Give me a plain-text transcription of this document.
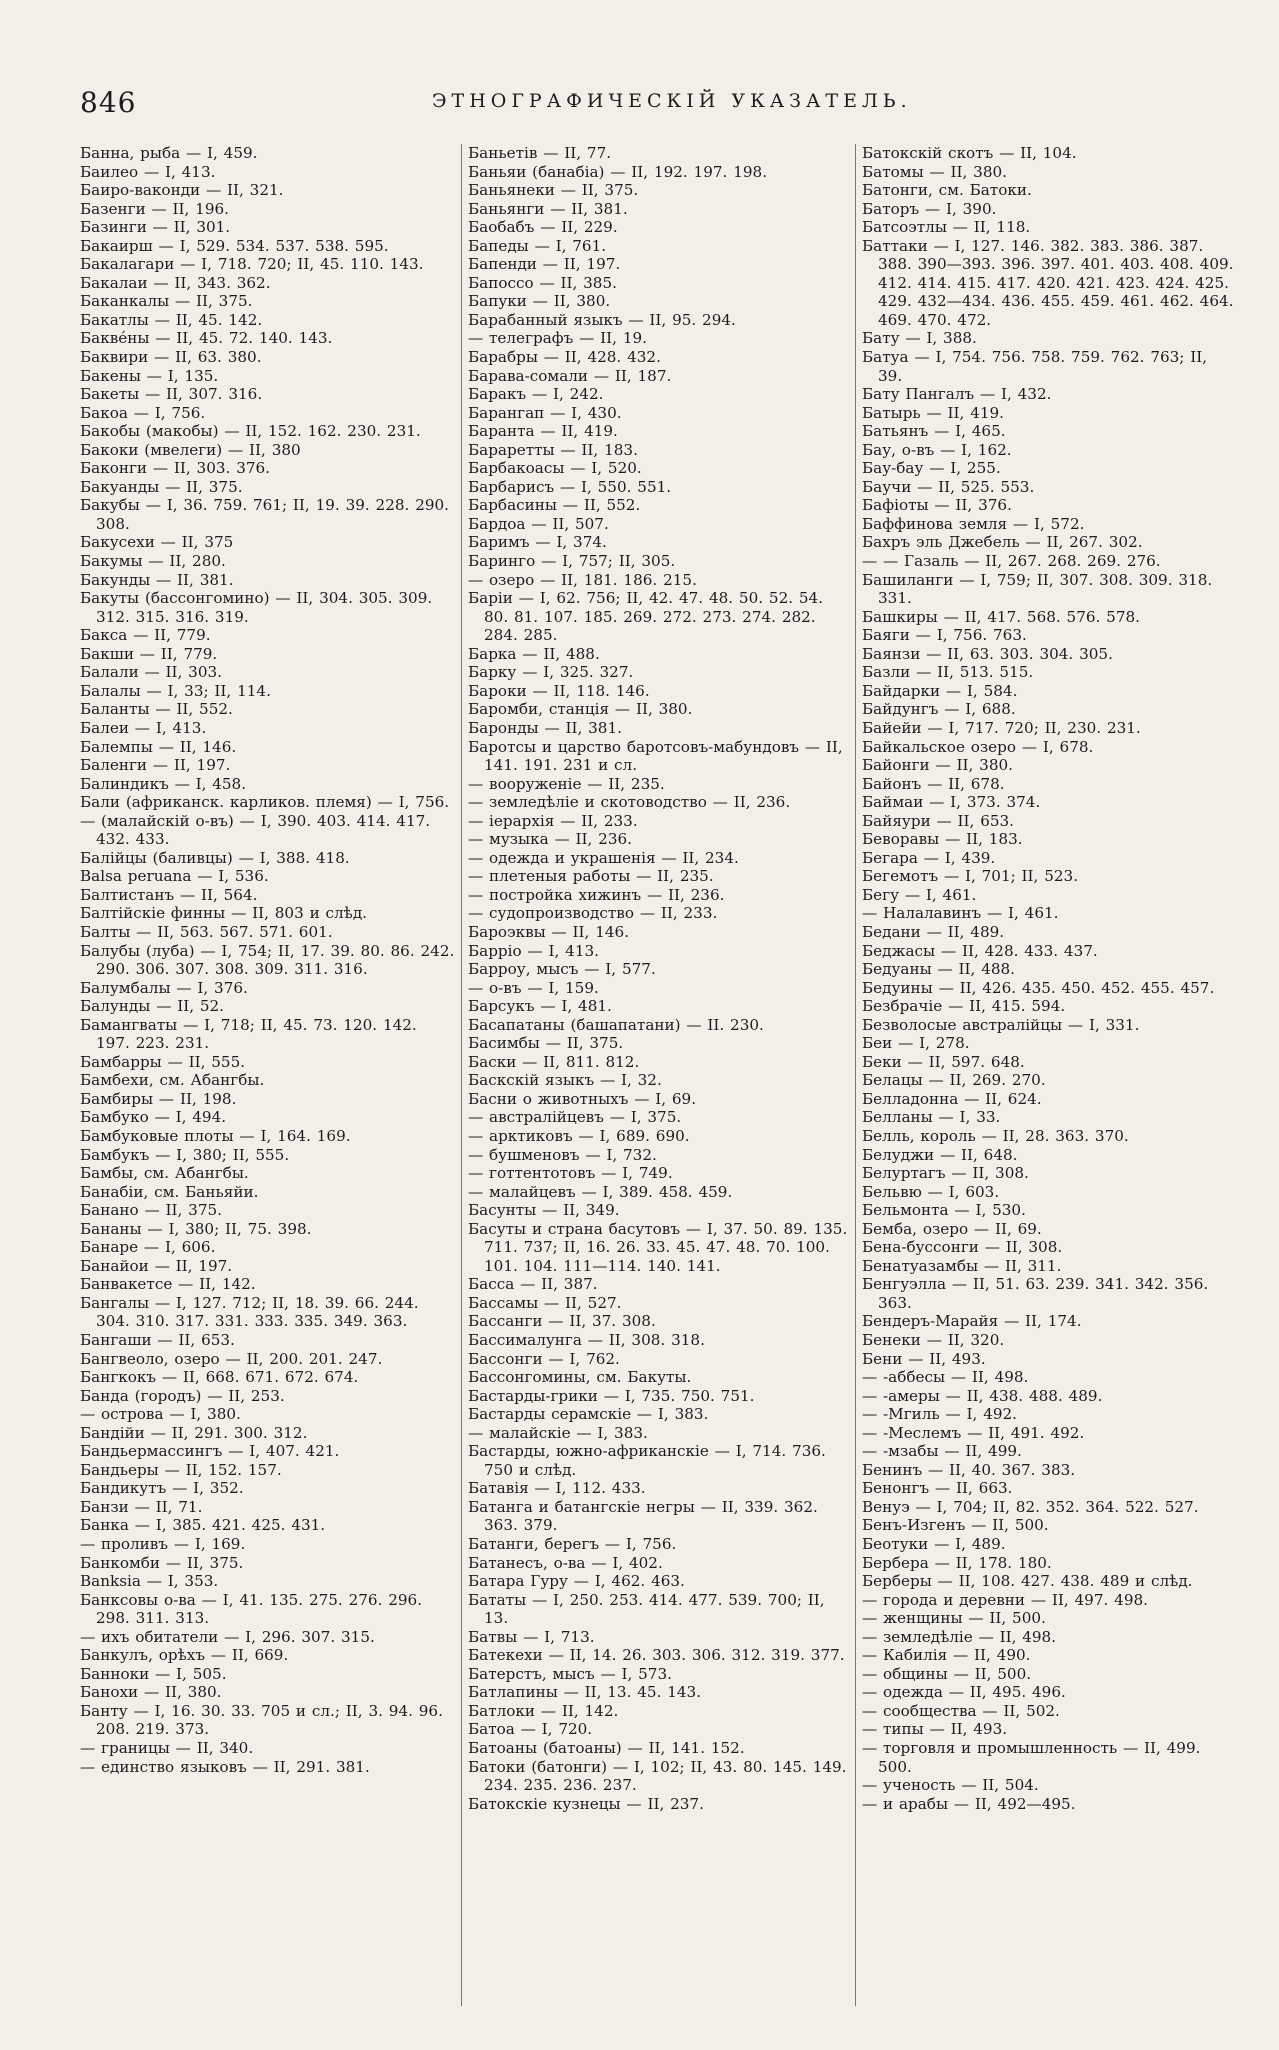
846	ЭТНОГРАФИЧЕСКІЙ УКАЗАТЕЛЬ.
Банна, рыба — I, 459.
Баилео — I, 413.
Баиро-ваконди — II, 321.
Базенги — II, 196.
Базинги — II, 301.
Бакаирш — I, 529. 534. 537. 538. 595.
Бакалагари — I, 718. 720; II, 45. 110. 143.
Бакалаи — II, 343. 362.
Баканкалы — II, 375.
Бакатлы — II, 45. 142.
Бакве́ны — II, 45. 72. 140. 143.
Баквири — II, 63. 380.
Бакены — I, 135.
Бакеты — II, 307. 316.
Бакоа — I, 756.
Бакобы (макобы) — II, 152. 162. 230. 231.
Бакоки (мвелеги) — II, 380
Баконги — II, 303. 376.
Бакуанды — II, 375.
Бакубы — I, 36. 759. 761; II, 19. 39. 228. 290. 308.
Бакусехи — II, 375
Бакумы — II, 280.
Бакунды — II, 381.
Бакуты (бассонгомино) — II, 304. 305. 309. 312. 315. 316. 319.
Бакса — II, 779.
Бакши — II, 779.
Балали — II, 303.
Балалы — I, 33; II, 114.
Баланты — II, 552.
Балеи — I, 413.
Балемпы — II, 146.
Баленги — II, 197.
Балиндикъ — I, 458.
Бали (африканск. карликов. племя) — I, 756.
— (малайскій о-въ) — I, 390. 403. 414. 417. 432. 433.
Балійцы (баливцы) — I, 388. 418.
Balsa peruana — I, 536.
Балтистанъ — II, 564.
Балтійскіе финны — II, 803 и слѣд.
Балты — II, 563. 567. 571. 601.
Балубы (луба) — I, 754; II, 17. 39. 80. 86. 242. 290. 306. 307. 308. 309. 311. 316.
Балумбалы — I, 376.
Балунды — II, 52.
Бамангваты — I, 718; II, 45. 73. 120. 142. 197. 223. 231.
Бамбарры — II, 555.
Бамбехи, см. Абангбы.
Бамбиры — II, 198.
Бамбуко — I, 494.
Бамбуковые плоты — I, 164. 169.
Бамбукъ — I, 380; II, 555.
Бамбы, см. Абангбы.
Банабіи, см. Баньяйи.
Банано — II, 375.
Бананы — I, 380; II, 75. 398.
Банаре — I, 606.
Банайои — II, 197.
Банвакетсе — II, 142.
Бангалы — I, 127. 712; II, 18. 39. 66. 244. 304. 310. 317. 331. 333. 335. 349. 363.
Бангаши — II, 653.
Бангвеоло, озеро — II, 200. 201. 247.
Бангкокъ — II, 668. 671. 672. 674.
Банда (городъ) — II, 253.
— острова — I, 380.
Бандійи — II, 291. 300. 312.
Бандьермассингъ — I, 407. 421.
Бандьеры — II, 152. 157.
Бандикутъ — I, 352.
Банзи — II, 71.
Банка — I, 385. 421. 425. 431.
— проливъ — I, 169.
Банкомби — II, 375.
Banksia — I, 353.
Банксовы о-ва — I, 41. 135. 275. 276. 296. 298. 311. 313.
— ихъ обитатели — I, 296. 307. 315.
Банкулъ, орѣхъ — II, 669.
Банноки — I, 505.
Банохи — II, 380.
Банту — I, 16. 30. 33. 705 и сл.; II, 3. 94. 96. 208. 219. 373.
— границы — II, 340.
— единство языковъ — II, 291. 381.
Баньетів — II, 77.
Баньяи (банабіа) — II, 192. 197. 198.
Баньянеки — II, 375.
Баньянги — II, 381.
Баобабъ — II, 229.
Бапеды — I, 761.
Бапенди — II, 197.
Бапоссо — II, 385.
Бапуки — II, 380.
Барабанный языкъ — II, 95. 294.
— телеграфъ — II, 19.
Барабры — II, 428. 432.
Барава-сомали — II, 187.
Баракъ — I, 242.
Барангап — I, 430.
Баранта — II, 419.
Бараретты — II, 183.
Барбакоасы — I, 520.
Барбарисъ — I, 550. 551.
Барбасины — II, 552.
Бардоа — II, 507.
Баримъ — I, 374.
Баринго — I, 757; II, 305.
— озеро — II, 181. 186. 215.
Барiи — I, 62. 756; II, 42. 47. 48. 50. 52. 54. 80. 81. 107. 185. 269. 272. 273. 274. 282. 284. 285.
Барка — II, 488.
Барку — I, 325. 327.
Бароки — II, 118. 146.
Баромби, станція — II, 380.
Баронды — II, 381.
Баротсы и царство баротсовъ-мабундовъ — II, 141. 191. 231 и сл.
— вооруженіе — II, 235.
— земледѣліе и скотоводство — II, 236.
— іерархія — II, 233.
— музыка — II, 236.
— одежда и украшенія — II, 234.
— плетеныя работы — II, 235.
— постройка хижинъ — II, 236.
— судопроизводство — II, 233.
Бароэквы — II, 146.
Баррiо — I, 413.
Барроу, мысъ — I, 577.
— о-въ — I, 159.
Барсукъ — I, 481.
Басапатаны (башапатани) — II. 230.
Басимбы — II, 375.
Баски — II, 811. 812.
Баскскій языкъ — I, 32.
Басни о животныхъ — I, 69.
— австралійцевъ — I, 375.
— арктиковъ — I, 689. 690.
— бушменовъ — I, 732.
— готтентотовъ — I, 749.
— малайцевъ — I, 389. 458. 459.
Басунты — II, 349.
Басуты и страна басутовъ — I, 37. 50. 89. 135. 711. 737; II, 16. 26. 33. 45. 47. 48. 70. 100. 101. 104. 111—114. 140. 141.
Басса — II, 387.
Бассамы — II, 527.
Бассанги — II, 37. 308.
Бассималунга — II, 308. 318.
Бассонги — I, 762.
Бассонгомины, см. Бакуты.
Бастарды-грики — I, 735. 750. 751.
Бастарды серамскіе — I, 383.
— малайскіе — I, 383.
Бастарды, южно-африканскіе — I, 714. 736. 750 и слѣд.
Батавія — I, 112. 433.
Батанга и батангскіе негры — II, 339. 362. 363. 379.
Батанги, берегъ — I, 756.
Батанесъ, о-ва — I, 402.
Батара Гуру — I, 462. 463.
Бататы — I, 250. 253. 414. 477. 539. 700; II, 13.
Батвы — I, 713.
Батекехи — II, 14. 26. 303. 306. 312. 319. 377.
Батерстъ, мысъ — I, 573.
Батлапины — II, 13. 45. 143.
Батлоки — II, 142.
Батоа — I, 720.
Батоаны (батоаны) — II, 141. 152.
Батоки (батонги) — I, 102; II, 43. 80. 145. 149. 234. 235. 236. 237.
Батокскіе кузнецы — II, 237.
Батокскій скотъ — II, 104.
Батомы — II, 380.
Батонги, см. Батоки.
Баторъ — I, 390.
Батсоэтлы — II, 118.
Баттаки — I, 127. 146. 382. 383. 386. 387. 388. 390—393. 396. 397. 401. 403. 408. 409. 412. 414. 415. 417. 420. 421. 423. 424. 425. 429. 432—434. 436. 455. 459. 461. 462. 464. 469. 470. 472.
Бату — I, 388.
Батуа — I, 754. 756. 758. 759. 762. 763; II, 39.
Бату Пангалъ — I, 432.
Батырь — II, 419.
Батьянъ — I, 465.
Бау, о-въ — I, 162.
Бау-бау — I, 255.
Баучи — II, 525. 553.
Бафіоты — II, 376.
Баффинова земля — I, 572.
Бахръ эль Джебель — II, 267. 302.
— — Газаль — II, 267. 268. 269. 276.
Башиланги — I, 759; II, 307. 308. 309. 318. 331.
Башкиры — II, 417. 568. 576. 578.
Баяги — I, 756. 763.
Баянзи — II, 63. 303. 304. 305.
Базли — II, 513. 515.
Байдарки — I, 584.
Байдунгъ — I, 688.
Байейи — I, 717. 720; II, 230. 231.
Байкальское озеро — I, 678.
Байонги — II, 380.
Байонъ — II, 678.
Баймаи — I, 373. 374.
Байяури — II, 653.
Беворавы — II, 183.
Бегара — I, 439.
Бегемотъ — I, 701; II, 523.
Бегу — I, 461.
— Налалавинъ — I, 461.
Бедани — II, 489.
Беджасы — II, 428. 433. 437.
Бедуаны — II, 488.
Бедуины — II, 426. 435. 450. 452. 455. 457.
Безбрачіе — II, 415. 594.
Безволосые австралійцы — I, 331.
Беи — I, 278.
Беки — II, 597. 648.
Белацы — II, 269. 270.
Белладонна — II, 624.
Белланы — I, 33.
Белль, король — II, 28. 363. 370.
Белуджи — II, 648.
Белуртагъ — II, 308.
Бельвю — I, 603.
Бельмонта — I, 530.
Бемба, озеро — II, 69.
Бена-буссонги — II, 308.
Бенатуазамбы — II, 311.
Бенгуэлла — II, 51. 63. 239. 341. 342. 356. 363.
Бендеръ-Марайя — II, 174.
Бенеки — II, 320.
Бени — II, 493.
— -аббесы — II, 498.
— -амеры — II, 438. 488. 489.
— -Мгиль — I, 492.
— -Меслемъ — II, 491. 492.
— -мзабы — II, 499.
Бенинъ — II, 40. 367. 383.
Бенонгъ — II, 663.
Венуэ — I, 704; II, 82. 352. 364. 522. 527.
Бенъ-Изгенъ — II, 500.
Беотуки — I, 489.
Бербера — II, 178. 180.
Берберы — II, 108. 427. 438. 489 и слѣд.
— города и деревни — II, 497. 498.
— женщины — II, 500.
— земледѣліе — II, 498.
— Кабилія — II, 490.
— общины — II, 500.
— одежда — II, 495. 496.
— сообщества — II, 502.
— типы — II, 493.
— торговля и промышленность — II, 499. 500.
— ученость — II, 504.
— и арабы — II, 492—495.
